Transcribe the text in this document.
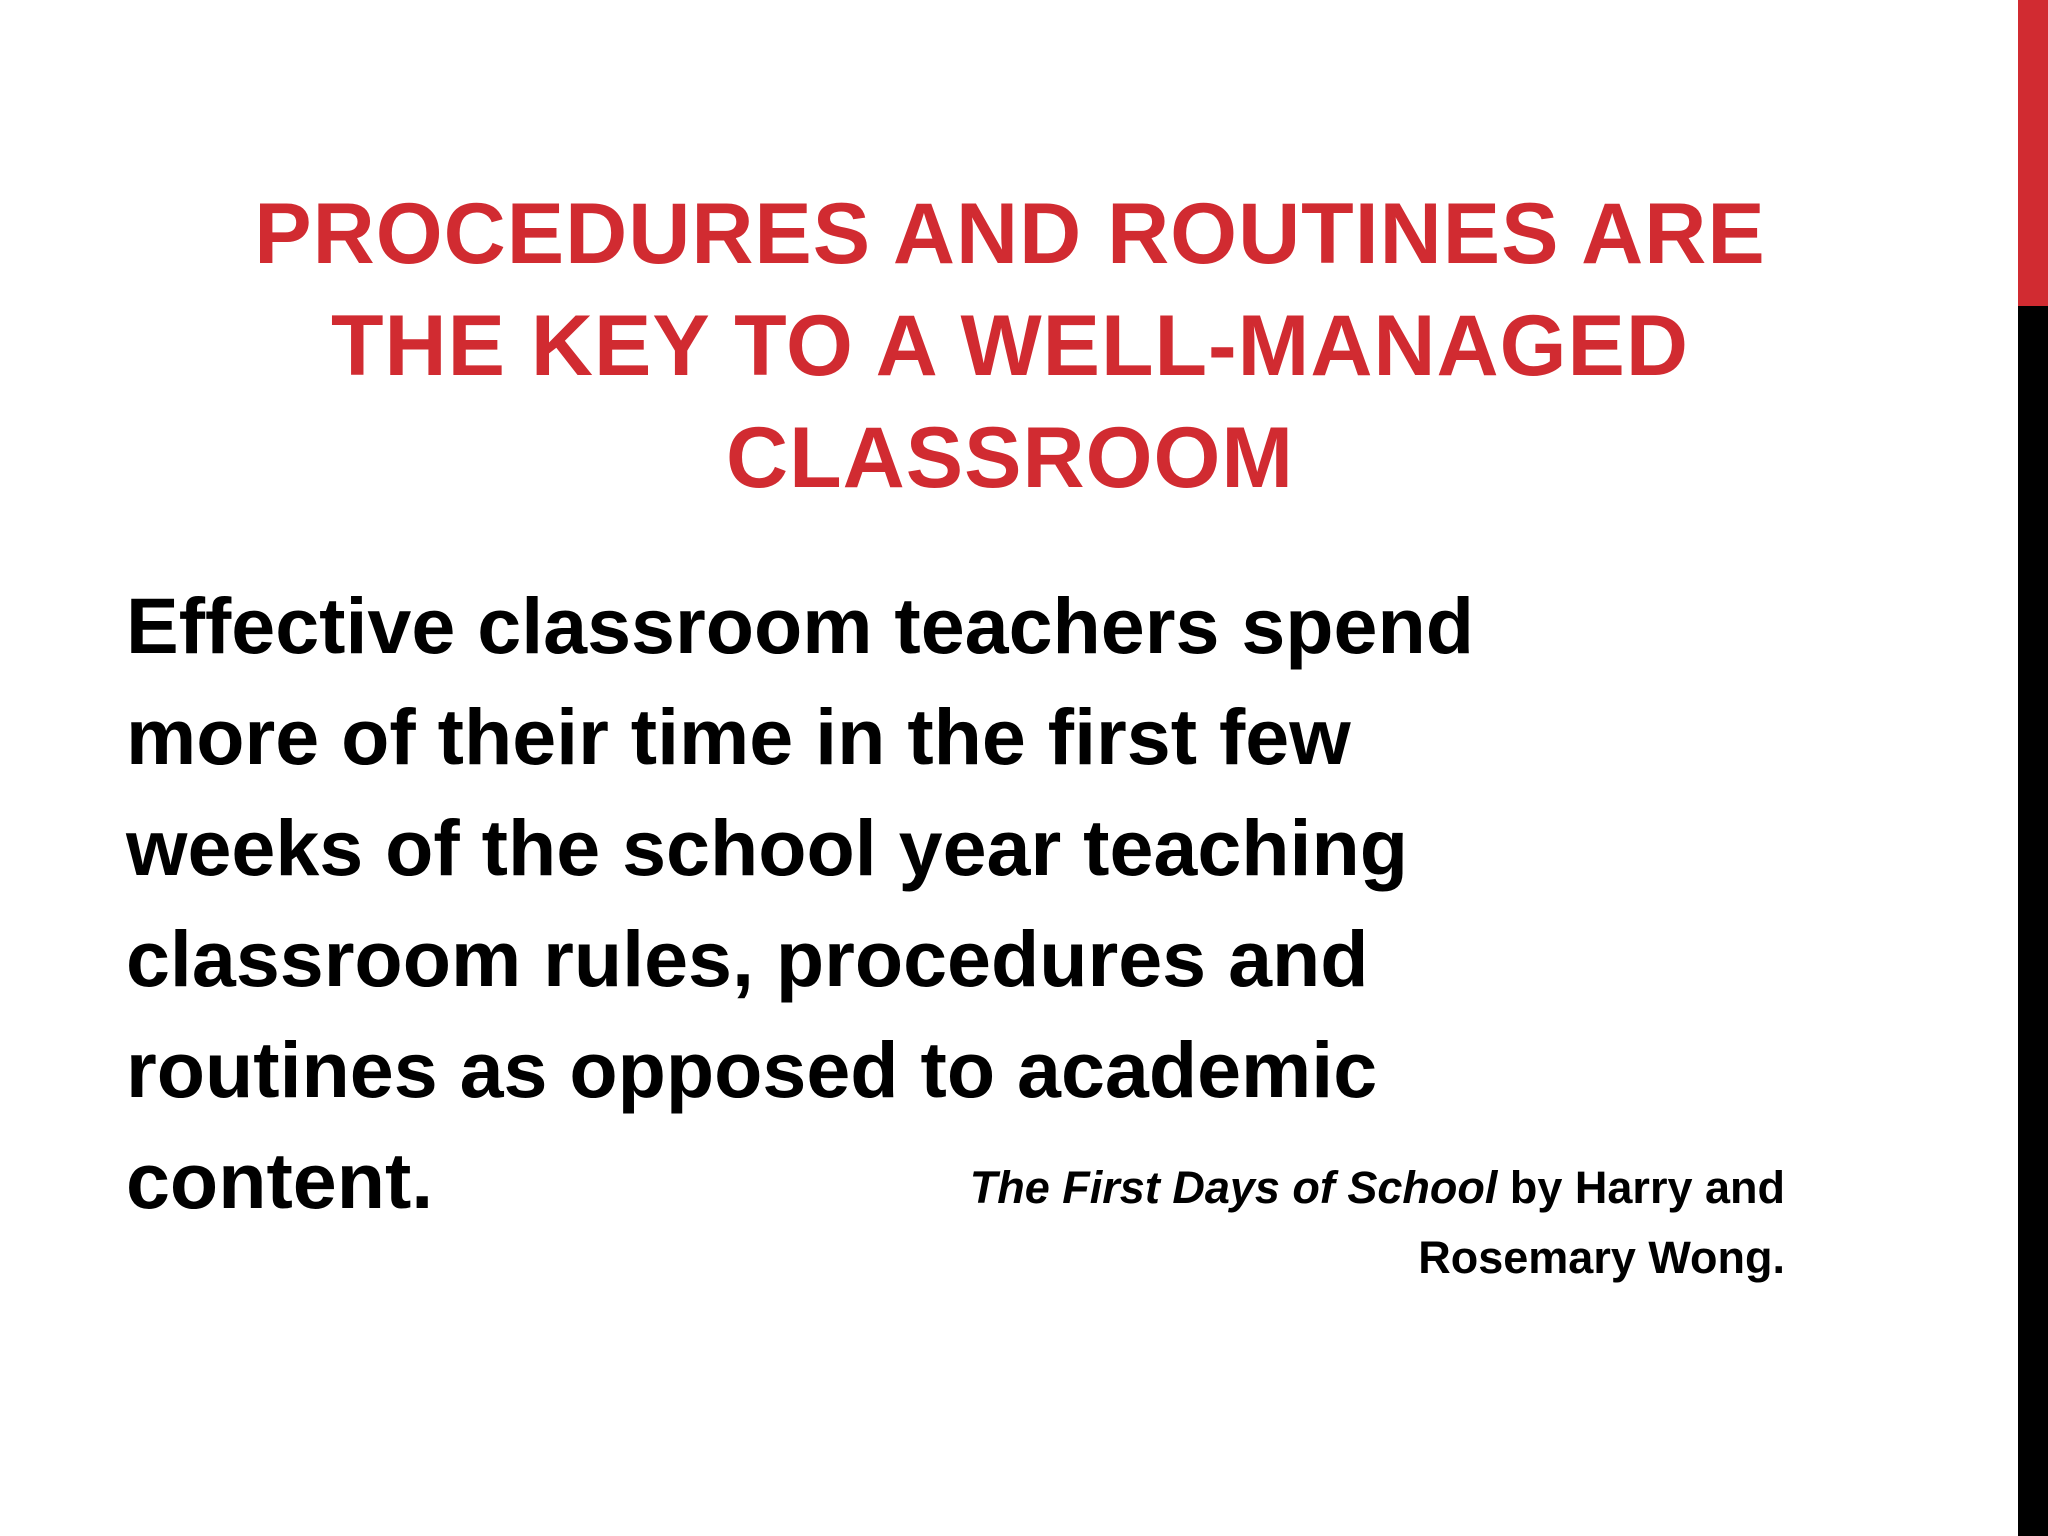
PROCEDURES AND ROUTINES ARE
THE KEY TO A WELL-MANAGED
CLASSROOM

Effective classroom teachers spend
more of their time in the first few
weeks of the school year teaching
classroom rules, procedures and
routines as opposed to academic
content.	The First Days of School by Harry and
Rosemary Wong.
